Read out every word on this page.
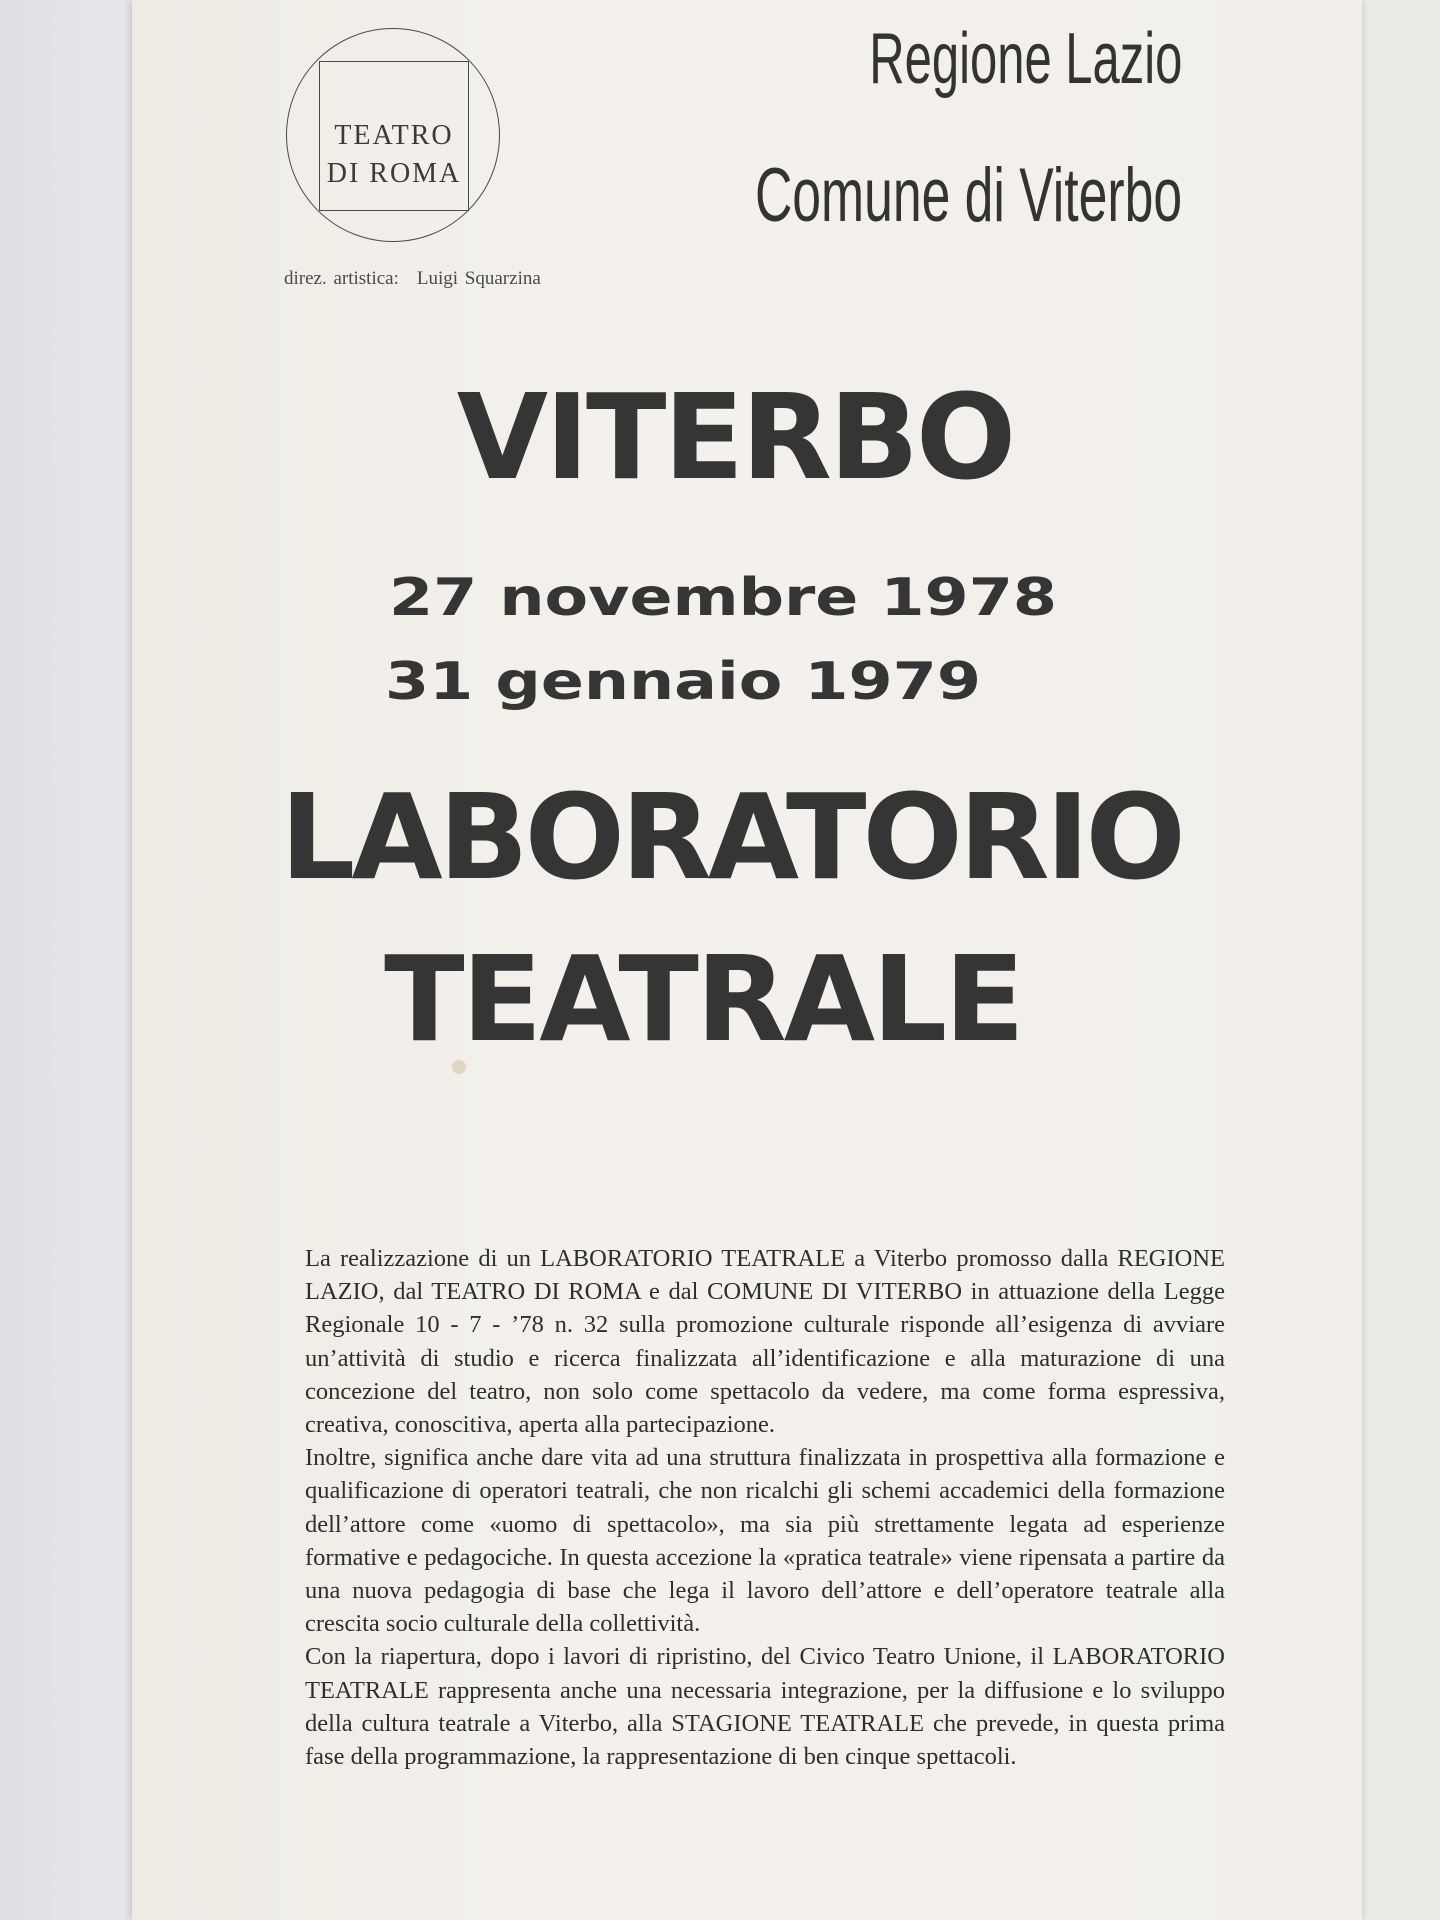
TEATRO
DI ROMA
direz. artistica: Luigi Squarzina
Regione Lazio
Comune di Viterbo
VITERBO
27 novembre 1978
31 gennaio 1979
LABORATORIO
TEATRALE

La realizzazione di un LABORATORIO TEATRALE a Viterbo promosso dalla REGIONE LAZIO, dal TEATRO DI ROMA e dal COMUNE DI VITERBO in attuazione della Legge Regionale 10 - 7 - ’78 n. 32 sulla promozione culturale risponde all’esigenza di avviare un’attività di studio e ricerca finalizzata all’identificazione e alla maturazione di una concezione del teatro, non solo come spettacolo da vedere, ma come forma espressiva, creativa, conoscitiva, aperta alla partecipazione.

Inoltre, significa anche dare vita ad una struttura finalizzata in prospettiva alla formazione e qualificazione di operatori teatrali, che non ricalchi gli schemi accademici della formazione dell’attore come «uomo di spettacolo», ma sia più strettamente legata ad esperienze formative e pedagociche. In questa accezione la «pratica teatrale» viene ripensata a partire da una nuova pedagogia di base che lega il lavoro dell’attore e dell’operatore teatrale alla crescita socio culturale della collettività.

Con la riapertura, dopo i lavori di ripristino, del Civico Teatro Unione, il LABORATORIO TEATRALE rappresenta anche una necessaria integrazione, per la diffusione e lo sviluppo della cultura teatrale a Viterbo, alla STAGIONE TEATRALE che prevede, in questa prima fase della programmazione, la rappresentazione di ben cinque spettacoli.
